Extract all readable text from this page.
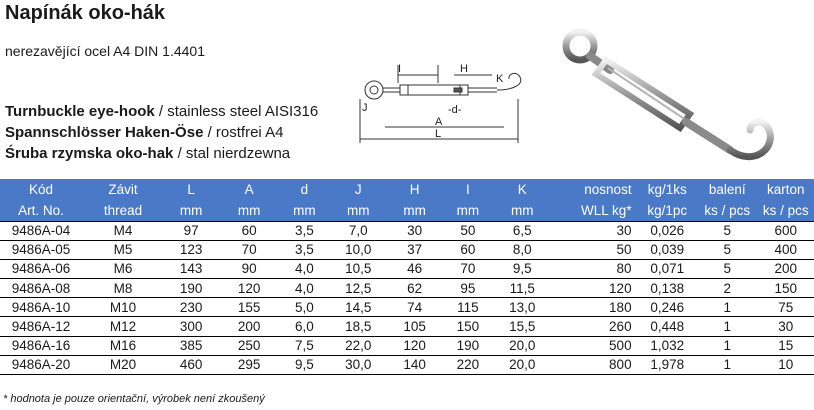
Napínák oko-hák
nerezavějící ocel A4 DIN 1.4401
Turnbuckle eye-hook / stainless steel AISI316
Spannschlösser Haken-Öse / rostfrei A4
Śruba rzymska oko-hak / stal nierdzewna
I	H
K
J	-d-
A
L
Kód	Závit	L	A	d	J	H	I	K	nosnost	kg/1ks	balení	karton
Art. No.	thread	mm	mm	mm	mm	mm	mm	mm	WLL kg*	kg/1pc	ks / pcs	ks / pcs
9486A-04	M4	97	60	3,5	7,0	30	50	6,5	30	0,026	5	600
9486A-05	M5	123	70	3,5	10,0	37	60	8,0	50	0,039	5	400
9486A-06	M6	143	90	4,0	10,5	46	70	9,5	80	0,071	5	200
9486A-08	M8	190	120	4,0	12,5	62	95	11,5	120	0,138	2	150
9486A-10	M10	230	155	5,0	14,5	74	115	13,0	180	0,246	1	75
9486A-12	M12	300	200	6,0	18,5	105	150	15,5	260	0,448	1	30
9486A-16	M16	385	250	7,5	22,0	120	190	20,0	500	1,032	1	15
9486A-20	M20	460	295	9,5	30,0	140	220	20,0	800	1,978	1	10
* hodnota je pouze orientační, výrobek není zkoušený
